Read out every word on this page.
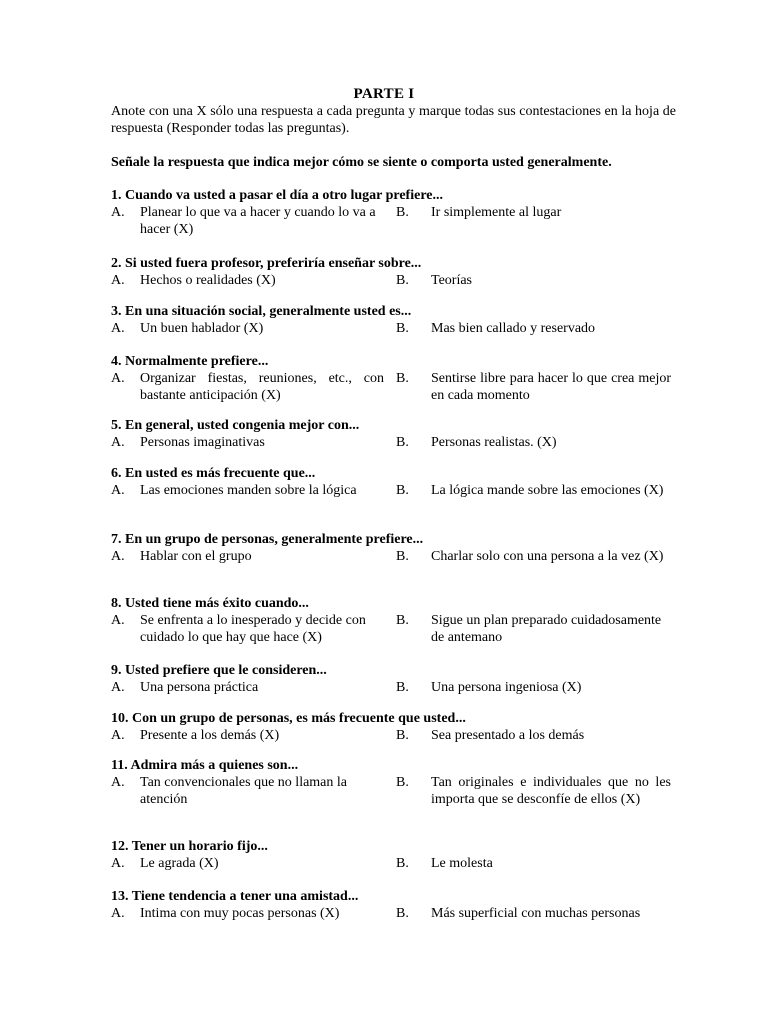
PARTE I

Anote con una X sólo una respuesta a cada pregunta y marque todas sus contestaciones en la hoja de respuesta (Responder todas las preguntas).

Señale la respuesta que indica mejor cómo se siente o comporta usted generalmente.

1. Cuando va usted a pasar el día a otro lugar prefiere...
A. Planear lo que va a hacer y cuando lo va a hacer (X)
B. Ir simplemente al lugar
2. Si usted fuera profesor, preferiría enseñar sobre...
A. Hechos o realidades (X)	B. Teorías
3. En una situación social, generalmente usted es...
A. Un buen hablador (X)	B. Mas bien callado y reservado
4. Normalmente prefiere...
A. Organizar fiestas, reuniones, etc., con bastante anticipación (X)
B. Sentirse libre para hacer lo que crea mejor en cada momento
5. En general, usted congenia mejor con...
A. Personas imaginativas	B. Personas realistas. (X)
6. En usted es más frecuente que...
A. Las emociones manden sobre la lógica	B. La lógica mande sobre las emociones (X)
7. En un grupo de personas, generalmente prefiere...
A. Hablar con el grupo	B. Charlar solo con una persona a la vez (X)
8. Usted tiene más éxito cuando...
A. Se enfrenta a lo inesperado y decide con cuidado lo que hay que hace (X)
B. Sigue un plan preparado cuidadosamente de antemano
9. Usted prefiere que le consideren...
A. Una persona práctica	B. Una persona ingeniosa (X)
10. Con un grupo de personas, es más frecuente que usted...
A. Presente a los demás (X)	B. Sea presentado a los demás
11. Admira más a quienes son...
A. Tan convencionales que no llaman la atención
B. Tan originales e individuales que no les importa que se desconfíe de ellos (X)
12. Tener un horario fijo...
A. Le agrada (X)	B. Le molesta
13. Tiene tendencia a tener una amistad...
A. Intima con muy pocas personas (X)	B. Más superficial con muchas personas
